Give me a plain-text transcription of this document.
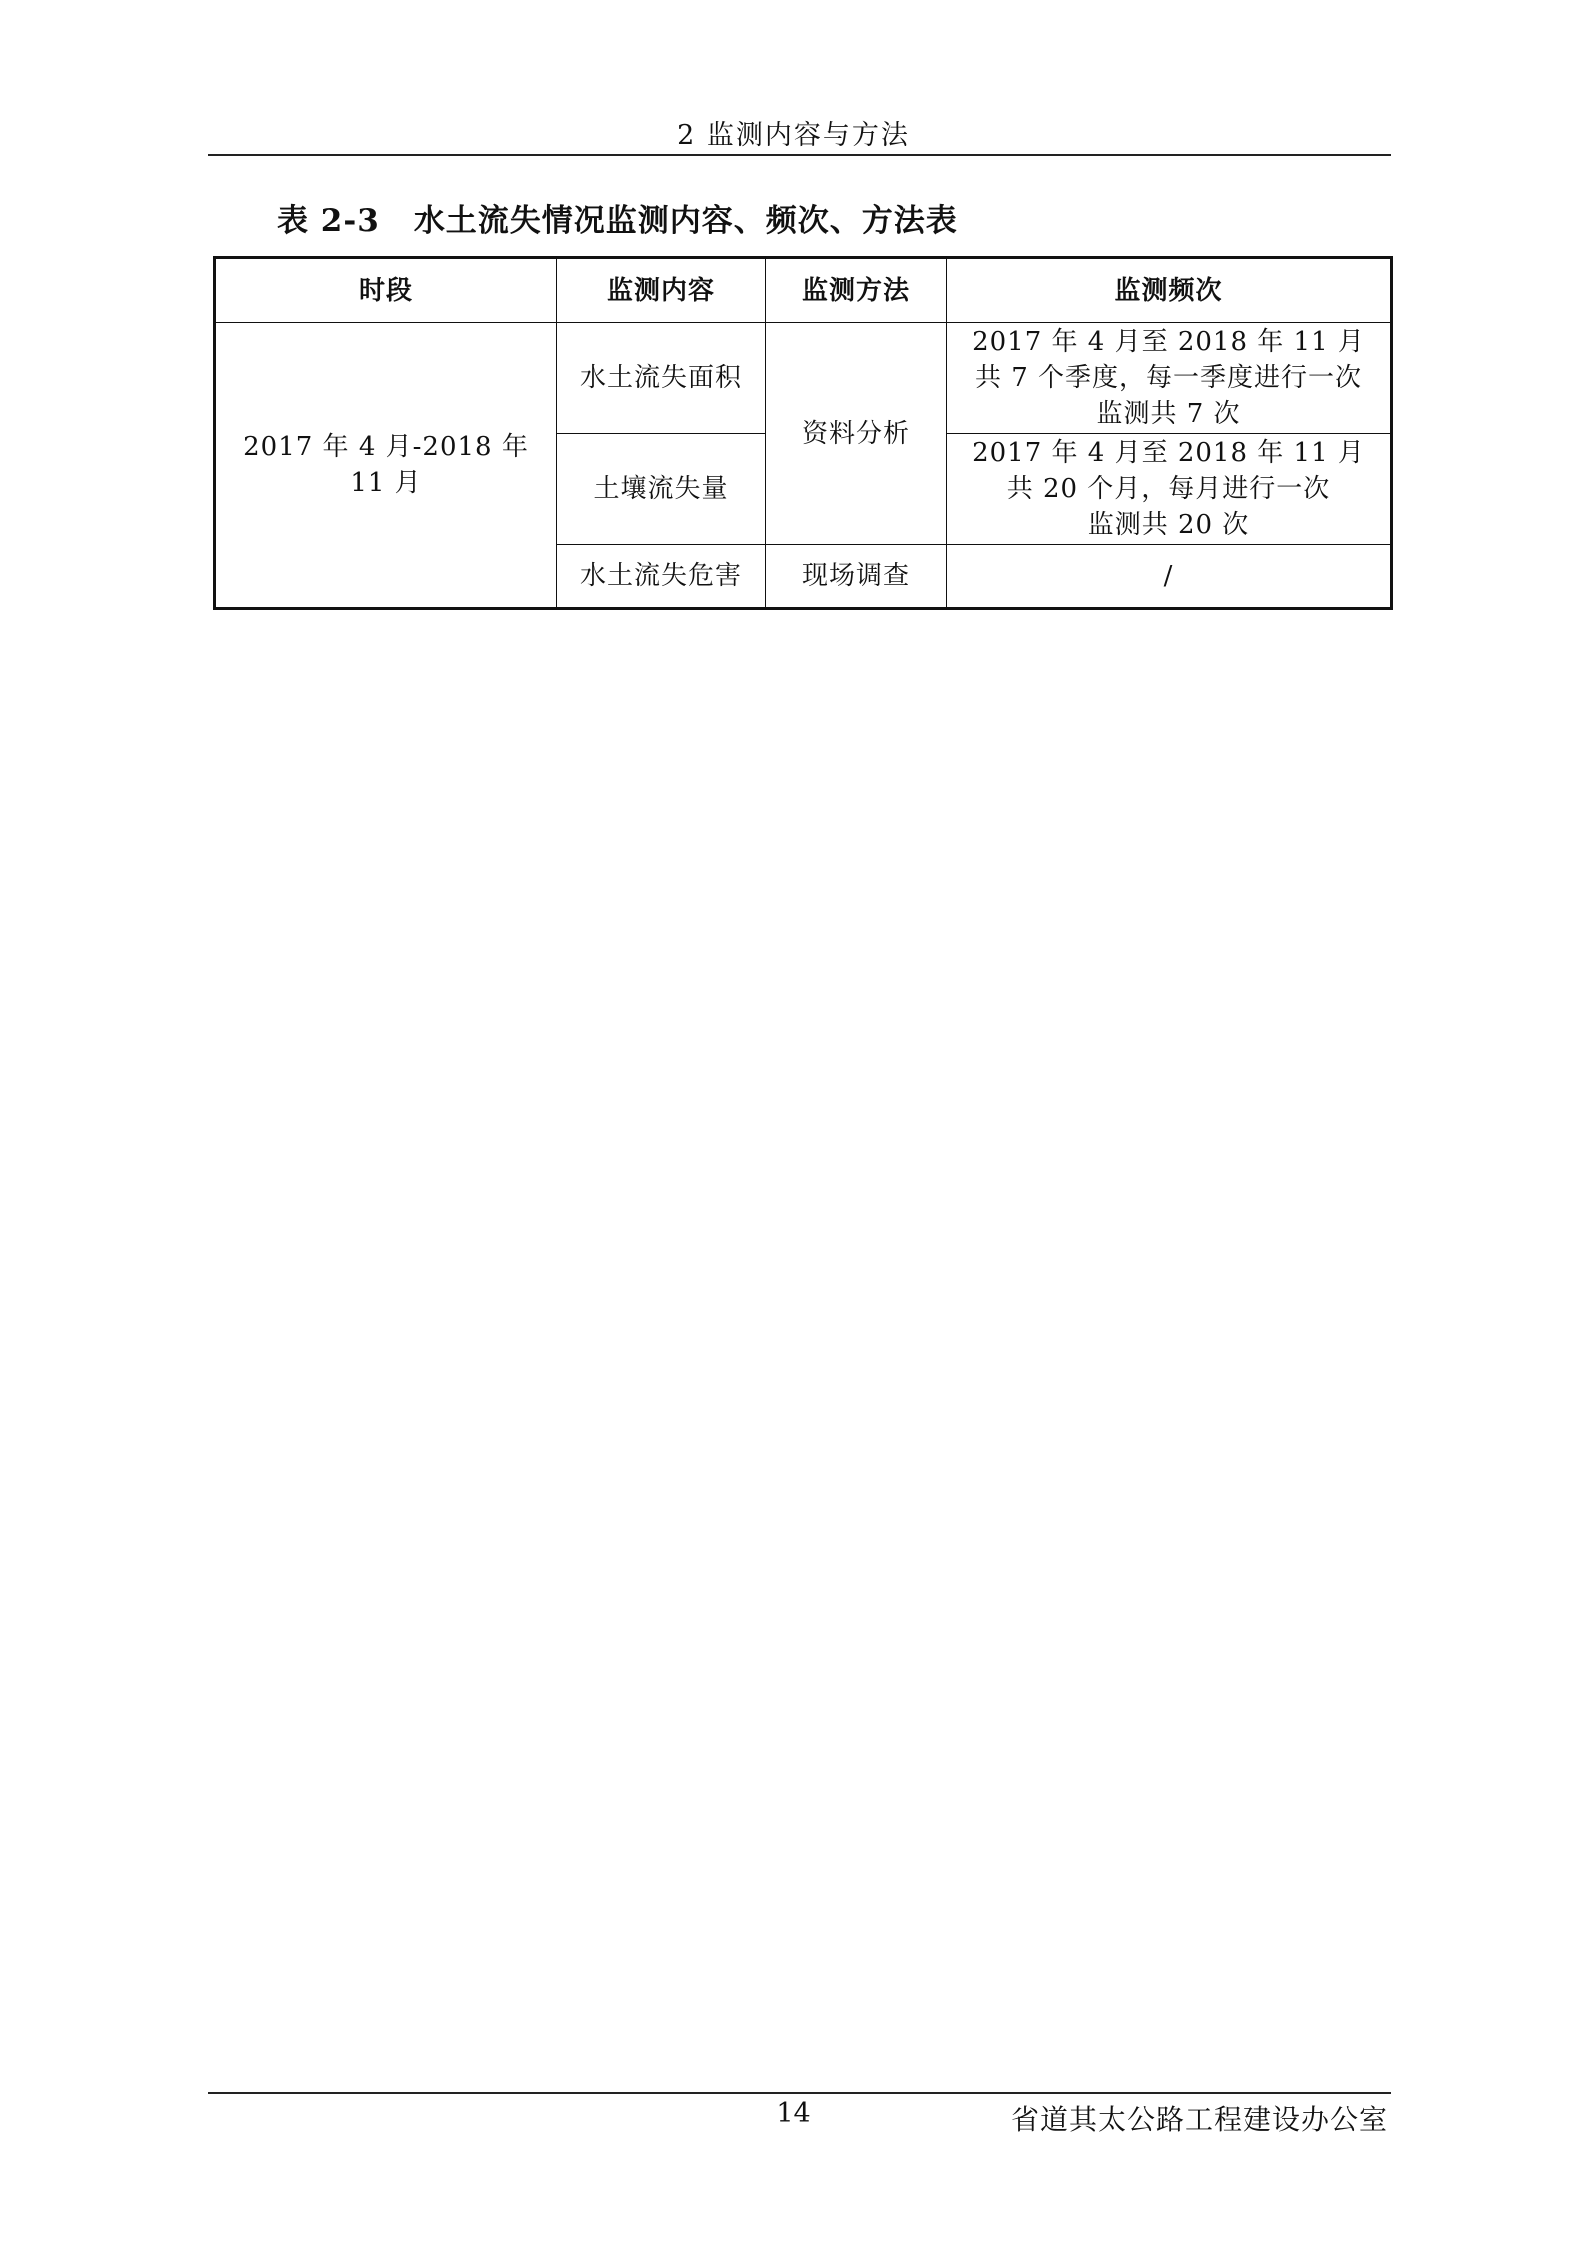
2 监测内容与方法
表 2-3 水土流失情况监测内容、频次、方法表
时段	监测内容	监测方法	监测频次
2017 年 4 月-2018 年 11 月	水土流失面积	资料分析	2017 年 4 月至 2018 年 11 月
共 7 个季度，每一季度进行一次
监测共 7 次

	土壤流失量		2017 年 4 月至 2018 年 11 月
共 20 个月，每月进行一次
监测共 20 次

	水土流失危害	现场调查	/
14	省道其太公路工程建设办公室
